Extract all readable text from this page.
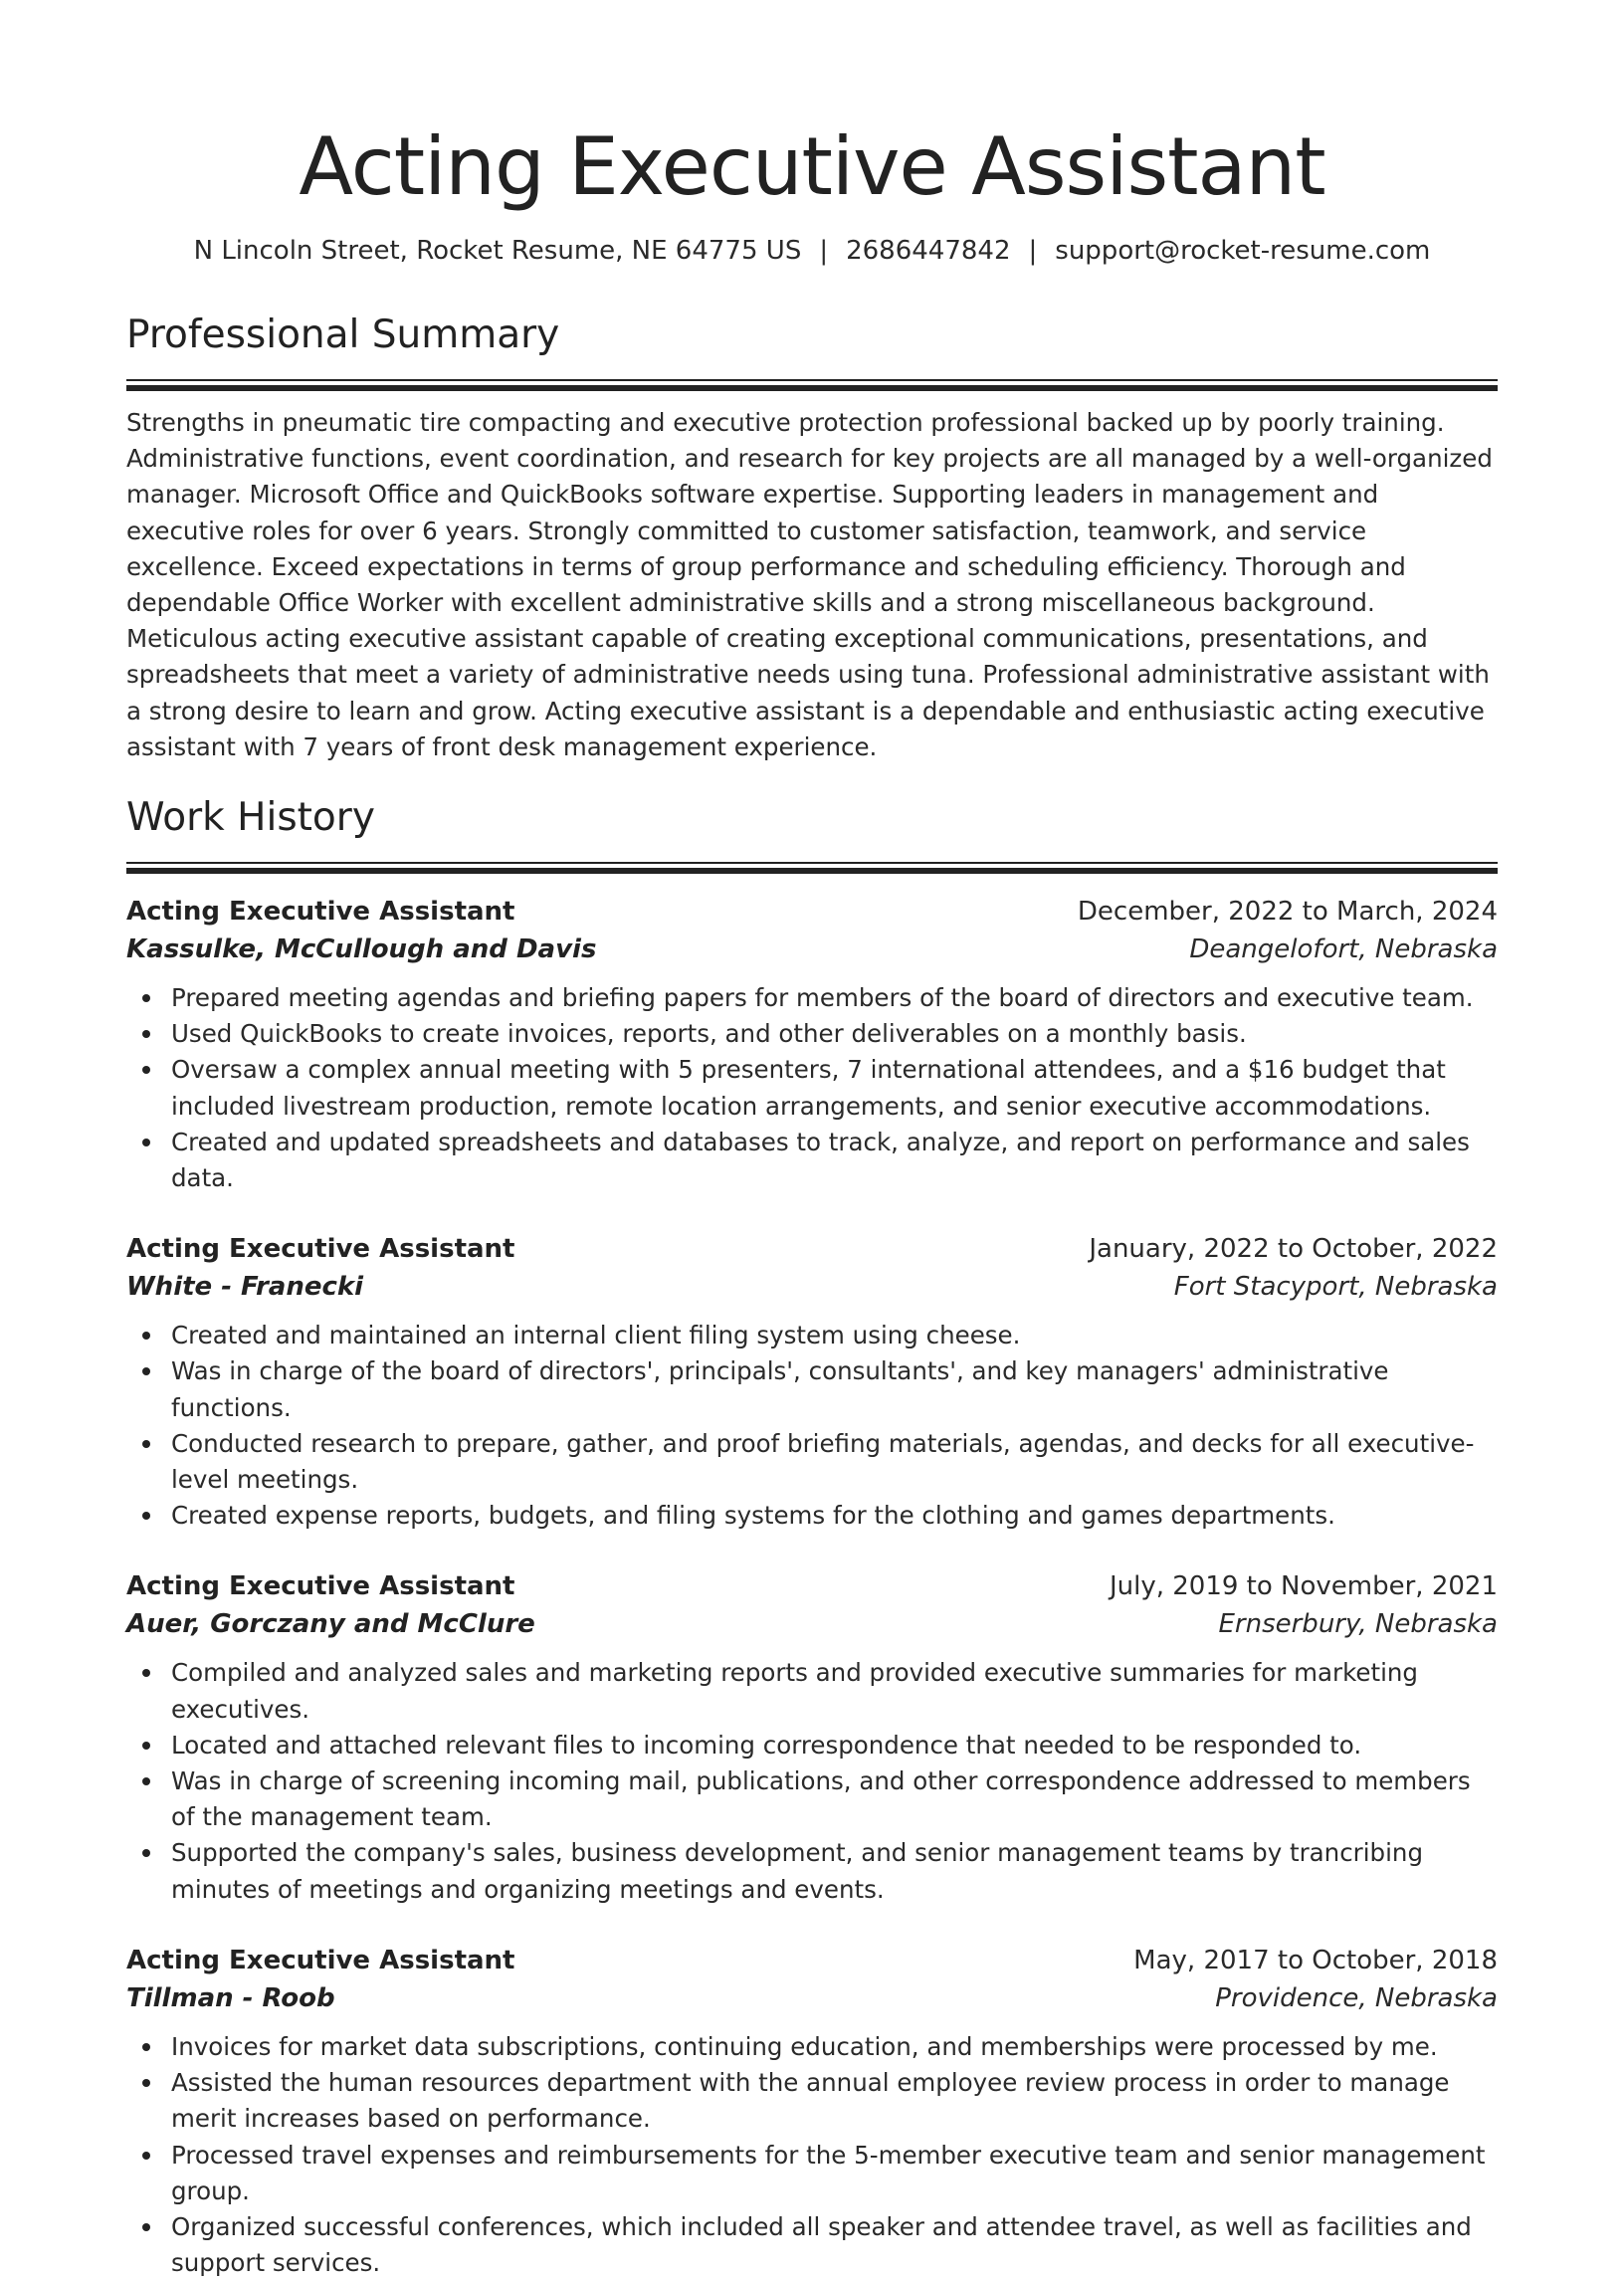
Acting Executive Assistant
N Lincoln Street, Rocket Resume, NE 64775 US | 2686447842 | support@rocket-resume.com
Professional Summary

Strengths in pneumatic tire compacting and executive protection professional backed up by poorly training. Administrative functions, event coordination, and research for key projects are all managed by a well-organized manager. Microsoft Office and QuickBooks software expertise. Supporting leaders in management and executive roles for over 6 years. Strongly committed to customer satisfaction, teamwork, and service excellence. Exceed expectations in terms of group performance and scheduling efficiency. Thorough and dependable Office Worker with excellent administrative skills and a strong miscellaneous background. Meticulous acting executive assistant capable of creating exceptional communications, presentations, and spreadsheets that meet a variety of administrative needs using tuna. Professional administrative assistant with a strong desire to learn and grow. Acting executive assistant is a dependable and enthusiastic acting executive assistant with 7 years of front desk management experience.

Work History
Acting Executive Assistant	December, 2022 to March, 2024
Kassulke, McCullough and Davis	Deangelofort, Nebraska
Prepared meeting agendas and briefing papers for members of the board of directors and executive team.
Used QuickBooks to create invoices, reports, and other deliverables on a monthly basis.
Oversaw a complex annual meeting with 5 presenters, 7 international attendees, and a $16 budget that included livestream production, remote location arrangements, and senior executive accommodations.
Created and updated spreadsheets and databases to track, analyze, and report on performance and sales data.
Acting Executive Assistant	January, 2022 to October, 2022
White - Franecki	Fort Stacyport, Nebraska
Created and maintained an internal client filing system using cheese.
Was in charge of the board of directors', principals', consultants', and key managers' administrative functions.
Conducted research to prepare, gather, and proof briefing materials, agendas, and decks for all executive-level meetings.
Created expense reports, budgets, and filing systems for the clothing and games departments.
Acting Executive Assistant	July, 2019 to November, 2021
Auer, Gorczany and McClure	Ernserbury, Nebraska
Compiled and analyzed sales and marketing reports and provided executive summaries for marketing executives.
Located and attached relevant files to incoming correspondence that needed to be responded to.
Was in charge of screening incoming mail, publications, and other correspondence addressed to members of the management team.
Supported the company's sales, business development, and senior management teams by trancribing minutes of meetings and organizing meetings and events.
Acting Executive Assistant	May, 2017 to October, 2018
Tillman - Roob	Providence, Nebraska
Invoices for market data subscriptions, continuing education, and memberships were processed by me.
Assisted the human resources department with the annual employee review process in order to manage merit increases based on performance.
Processed travel expenses and reimbursements for the 5-member executive team and senior management group.
Organized successful conferences, which included all speaker and attendee travel, as well as facilities and support services.
